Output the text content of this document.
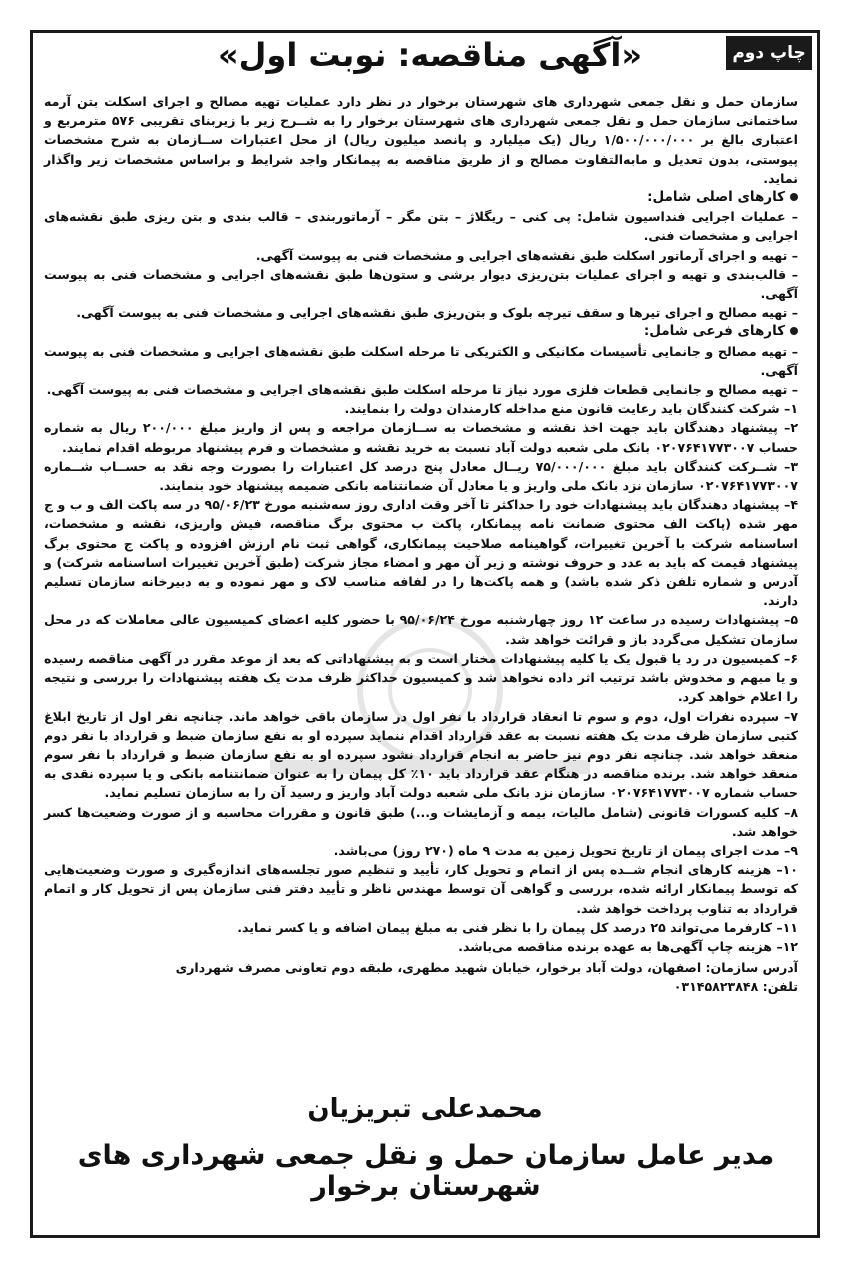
چاپ دوم
«آگهی مناقصه: نوبت اول»

سازمان حمل و نقل جمعی شهرداری های شهرستان برخوار در نظر دارد عملیات تهیه مصالح و اجرای اسکلت بتن آرمه ساختمانی سازمان حمل و نقل جمعی شهرداری های شهرستان برخوار را به شــرح زیر با زیربنای تقریبی ۵۷۶ مترمربع و اعتباری بالغ بر ۱/۵۰۰/۰۰۰/۰۰۰ ریال (یک میلیارد و پانصد میلیون ریال) از محل اعتبارات ســازمان به شرح مشخصات پیوستی، بدون تعدیل و مابه‌التفاوت مصالح و از طریق مناقصه به پیمانکار واجد شرایط و براساس مشخصات زیر واگذار نماید.

کارهای اصلی شامل:

– عملیات اجرایی فنداسیون شامل: پی کنی – ریگلاژ – بتن مگر – آرماتوربندی – قالب بندی و بتن ریزی طبق نقشه‌های اجرایی و مشخصات فنی.

– تهیه و اجرای آرماتور اسکلت طبق نقشه‌های اجرایی و مشخصات فنی به پیوست آگهی.

– قالب‌بندی و تهیه و اجرای عملیات بتن‌ریزی دیوار برشی و ستون‌ها طبق نقشه‌های اجرایی و مشخصات فنی به پیوست آگهی.

– تهیه مصالح و اجرای تیرها و سقف تیرچه بلوک و بتن‌ریزی طبق نقشه‌های اجرایی و مشخصات فنی به پیوست آگهی.

کارهای فرعی شامل:

– تهیه مصالح و جانمایی تأسیسات مکانیکی و الکتریکی تا مرحله اسکلت طبق نقشه‌های اجرایی و مشخصات فنی به پیوست آگهی.

– تهیه مصالح و جانمایی قطعات فلزی مورد نیاز تا مرحله اسکلت طبق نقشه‌های اجرایی و مشخصات فنی به پیوست آگهی.

۱– شرکت کنندگان باید رعایت قانون منع مداخله کارمندان دولت را بنمایند.

۲– پیشنهاد دهندگان باید جهت اخذ نقشه و مشخصات به ســازمان مراجعه و پس از واریز مبلغ ۲۰۰/۰۰۰ ریال به شماره حساب ۰۲۰۷۶۴۱۷۷۳۰۰۷ بانک ملی شعبه دولت آباد نسبت به خرید نقشه و مشخصات و فرم پیشنهاد مربوطه اقدام نمایند.

۳– شــرکت کنندگان باید مبلغ ۷۵/۰۰۰/۰۰۰ ریــال معادل پنج درصد کل اعتبارات را بصورت وجه نقد به حســاب شــماره ۰۲۰۷۶۴۱۷۷۳۰۰۷ سازمان نزد بانک ملی واریز و یا معادل آن ضمانتنامه بانکی ضمیمه پیشنهاد خود بنمایند.

۴– پیشنهاد دهندگان باید پیشنهادات خود را حداکثر تا آخر وقت اداری روز سه‌شنبه مورخ ۹۵/۰۶/۲۳ در سه پاکت الف و ب و ج مهر شده (پاکت الف محتوی ضمانت نامه پیمانکار، پاکت ب محتوی برگ مناقصه، فیش واریزی، نقشه و مشخصات، اساسنامه شرکت با آخرین تغییرات، گواهینامه صلاحیت پیمانکاری، گواهی ثبت نام ارزش افزوده و پاکت ج محتوی برگ پیشنهاد قیمت که باید به عدد و حروف نوشته و زیر آن مهر و امضاء مجاز شرکت (طبق آخرین تغییرات اساسنامه شرکت) و آدرس و شماره تلفن ذکر شده باشد) و همه پاکت‌ها را در لفافه مناسب لاک و مهر نموده و به دبیرخانه سازمان تسلیم دارند.

۵– پیشنهادات رسیده در ساعت ۱۲ روز چهارشنبه مورخ ۹۵/۰۶/۲۴ با حضور کلیه اعضای کمیسیون عالی معاملات که در محل سازمان تشکیل می‌گردد باز و قرائت خواهد شد.

۶– کمیسیون در رد یا قبول یک یا کلیه پیشنهادات مختار است و به پیشنهاداتی که بعد از موعد مقرر در آگهی مناقصه رسیده و یا مبهم و مخدوش باشد ترتیب اثر داده نخواهد شد و کمیسیون حداکثر ظرف مدت یک هفته پیشنهادات را بررسی و نتیجه را اعلام خواهد کرد.

۷– سپرده نفرات اول، دوم و سوم تا انعقاد قرارداد با نفر اول در سازمان باقی خواهد ماند. چنانچه نفر اول از تاریخ ابلاغ کتبی سازمان ظرف مدت یک هفته نسبت به عقد قرارداد اقدام ننماید سپرده او به نفع سازمان ضبط و قرارداد با نفر دوم منعقد خواهد شد. چنانچه نفر دوم نیز حاضر به انجام قرارداد نشود سپرده او به نفع سازمان ضبط و قرارداد با نفر سوم منعقد خواهد شد. برنده مناقصه در هنگام عقد قرارداد باید ۱۰٪ کل پیمان را به عنوان ضمانتنامه بانکی و یا سپرده نقدی به حساب شماره ۰۲۰۷۶۴۱۷۷۳۰۰۷ سازمان نزد بانک ملی شعبه دولت آباد واریز و رسید آن را به سازمان تسلیم نماید.

۸– کلیه کسورات قانونی (شامل مالیات، بیمه و آزمایشات و...) طبق قانون و مقررات محاسبه و از صورت وضعیت‌ها کسر خواهد شد.

۹– مدت اجرای پیمان از تاریخ تحویل زمین به مدت ۹ ماه (۲۷۰ روز) می‌باشد.

۱۰– هزینه کارهای انجام شــده پس از اتمام و تحویل کار، تأیید و تنظیم صور تجلسه‌های اندازه‌گیری و صورت وضعیت‌هایی که توسط پیمانکار ارائه شده، بررسی و گواهی آن توسط مهندس ناظر و تأیید دفتر فنی سازمان پس از تحویل کار و اتمام قرارداد به تناوب پرداخت خواهد شد.

۱۱– کارفرما می‌تواند ۲۵ درصد کل پیمان را با نظر فنی به مبلغ پیمان اضافه و یا کسر نماید.

۱۲– هزینه چاپ آگهی‌ها به عهده برنده مناقصه می‌باشد.

آدرس سازمان: اصفهان، دولت آباد برخوار، خیابان شهید مطهری، طبقه دوم تعاونی مصرف شهرداری

تلفن: ۰۳۱۴۵۸۲۳۸۴۸

محمدعلی تبریزیان
مدیر عامل سازمان حمل و نقل جمعی شهرداری های شهرستان برخوار
